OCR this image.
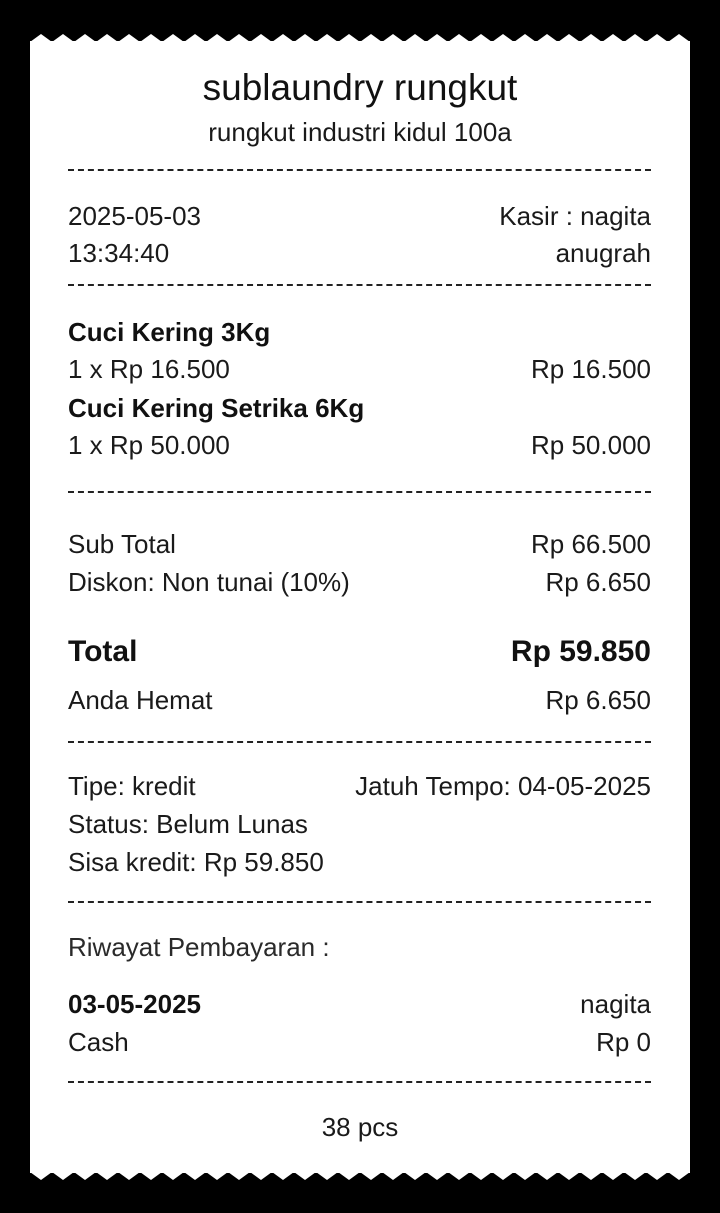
sublaundry rungkut
rungkut industri kidul 100a
2025-05-03	Kasir : nagita
13:34:40	anugrah
Cuci Kering 3Kg
1 x Rp 16.500	Rp 16.500
Cuci Kering Setrika 6Kg
1 x Rp 50.000	Rp 50.000
Sub Total	Rp 66.500
Diskon: Non tunai (10%)	Rp 6.650
Total	Rp 59.850
Anda Hemat	Rp 6.650
Tipe: kredit	Jatuh Tempo: 04-05-2025
Status: Belum Lunas
Sisa kredit: Rp 59.850
Riwayat Pembayaran :
03-05-2025	nagita
Cash	Rp 0
38 pcs
